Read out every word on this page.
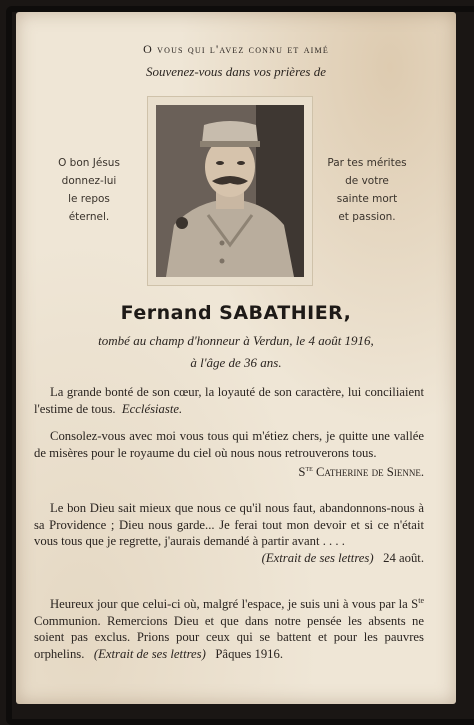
O vous qui l'avez connu et aimé
Souvenez-vous dans vos prières de
O bon Jésus
donnez-lui
le repos
éternel.
Par tes mérites
de votre
sainte mort
et passion.
Fernand SABATHIER,
tombé au champ d'honneur à Verdun, le 4 août 1916,
à l'âge de 36 ans.
La grande bonté de son cœur, la loyauté de son caractère, lui conciliaient l'estime de tous. Ecclésiaste.
Consolez-vous avec moi vous tous qui m'étiez chers, je quitte une vallée de misères pour le royaume du ciel où nous nous retrouverons tous.
$S^{te}$ Catherine de Sienne.
Le bon Dieu sait mieux que nous ce qu'il nous faut, abandonnons-nous à sa Providence ; Dieu nous garde... Je ferai tout mon devoir et si ce n'était vous tous que je regrette, j'aurais demandé à partir avant . . . .
(Extrait de ses lettres) 24 août.
Heureux jour que celui-ci où, malgré l'espace, je suis uni à vous par la $S^{te}$ Communion. Remercions Dieu et que dans notre pensée les absents ne soient pas exclus. Prions pour ceux qui se battent et pour les pauvres orphelins. (Extrait de ses lettres) Pâques 1916.
